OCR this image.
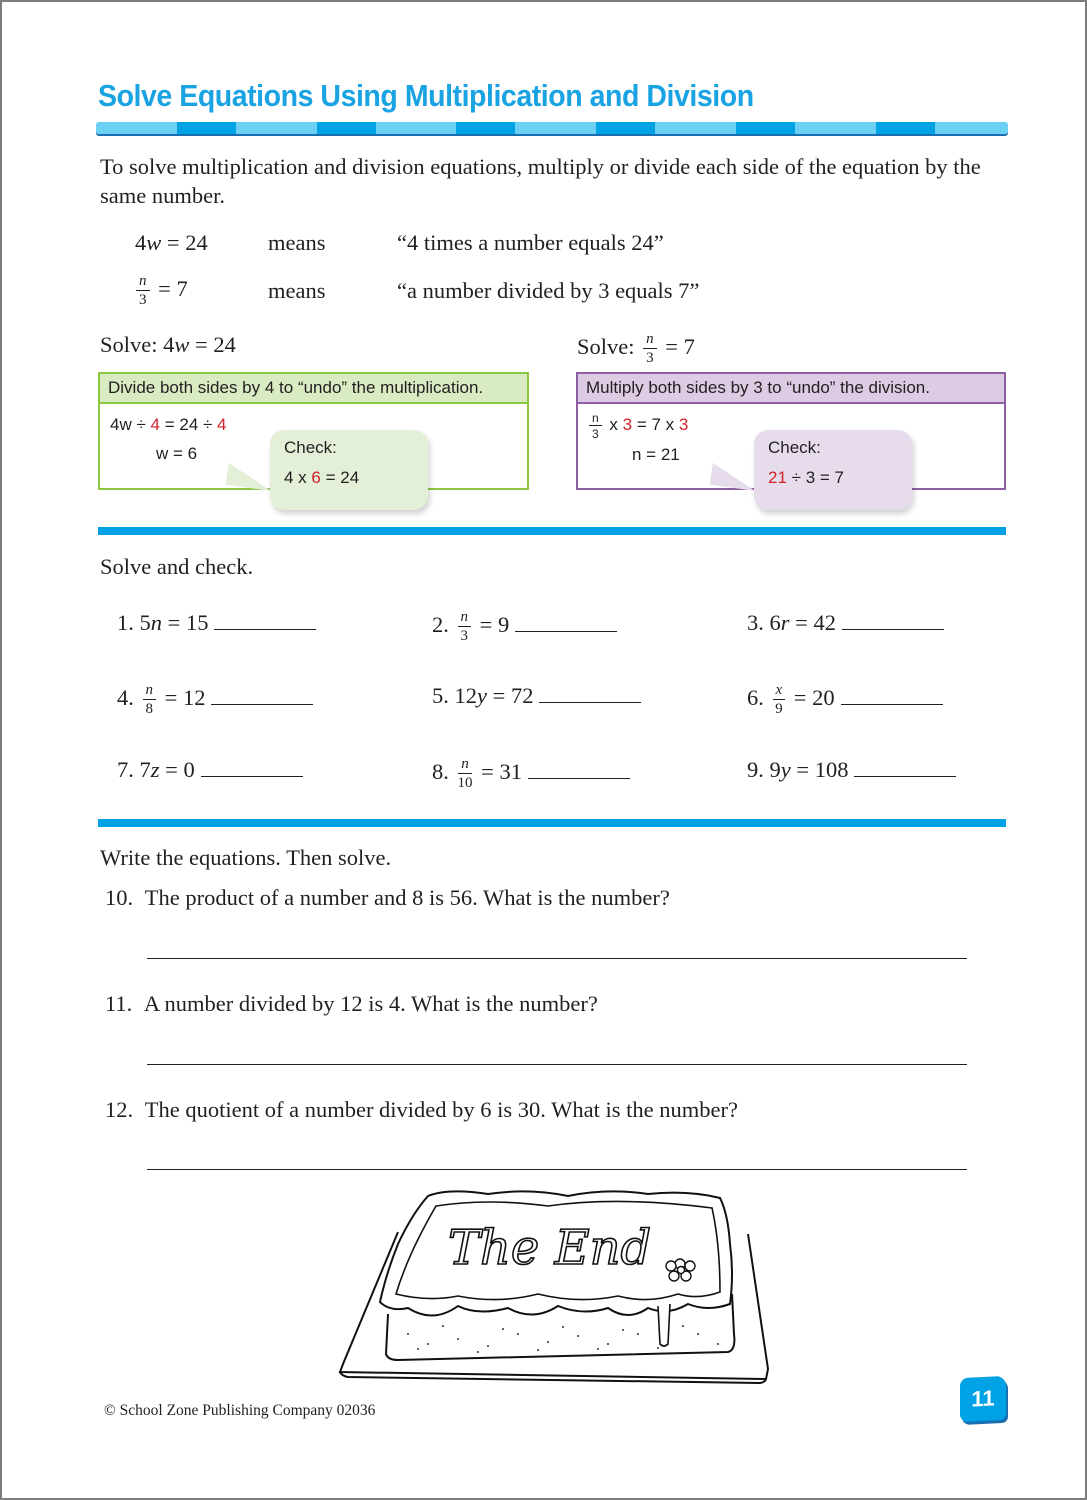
Solve Equations Using Multiplication and Division
To solve multiplication and division equations, multiply or divide each side of the equation by the same number.
4w = 24	means	“4 times a number equals 24”
$\frac{n}{3} = 7$	means	“a number divided by 3 equals 7”
Solve: 4w = 24
Divide both sides by 4 to “undo” the multiplication.
4w ÷ 4 = 24 ÷ 4
w = 6	Check:
4 x 6 = 24
Solve: $\frac{n}{3} = 7$
Multiply both sides by 3 to “undo” the division.
$\frac{n}{3}$ x 3 = 7 x 3
n = 21	Check:
21 ÷ 3 = 7
Solve and check.
1. 5n = 15	2. $\frac{n}{3} = 9$	3. 6r = 42
4. $\frac{n}{8} = 12$	5. 12y = 72	6. $\frac{x}{9} = 20$
7. 7z = 0	8. $\frac{n}{10} = 31$	9. 9y = 108
Write the equations. Then solve.
10. The product of a number and 8 is 56. What is the number?
11. A number divided by 12 is 4. What is the number?
12. The quotient of a number divided by 6 is 30. What is the number?
The End
© School Zone Publishing Company 02036	11
